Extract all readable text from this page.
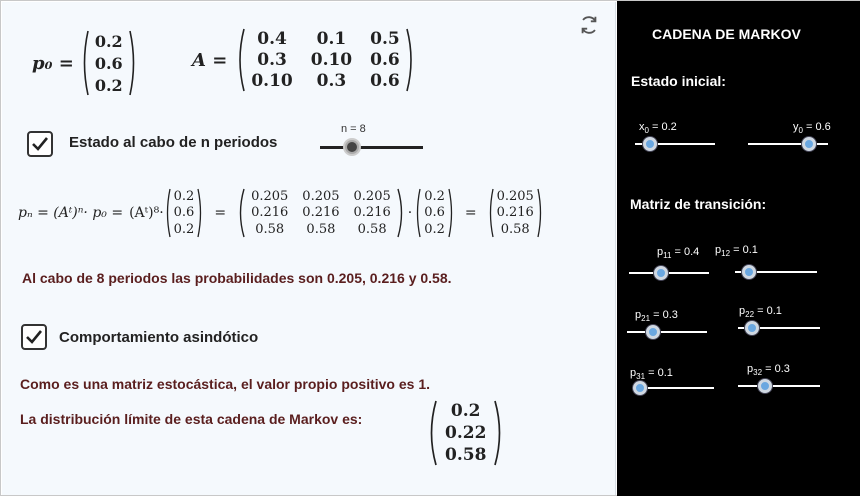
p₀ =
0.2
0.6
0.2
A =
0.4 0.1 0.5
0.3 0.10 0.6
0.10 0.3 0.6
Estado al cabo de n periodos
n = 8
pₙ = (Aᵗ)ⁿ· p₀ = (Aᵗ)⁸·
0.2
0.6
0.2
=
0.205 0.205 0.205
0.216 0.216 0.216
0.58 0.58 0.58
·
0.2
0.6
0.2
=
0.205
0.216
0.58
Al cabo de 8 periodos las probabilidades son 0.205, 0.216 y 0.58.
Comportamiento asindótico
Como es una matriz estocástica, el valor propio positivo es 1.
La distribución límite de esta cadena de Markov es:	0.2
0.22
0.58
CADENA DE MARKOV
Estado inicial:
$x_0 = 0.2$	$y_0 = 0.6$
Matriz de transición:
$p_{11} = 0.4$ $p_{12} = 0.1$
$p_{21} = 0.3$	$p_{22} = 0.1$
$p_{31} = 0.1$	$p_{32} = 0.3$
